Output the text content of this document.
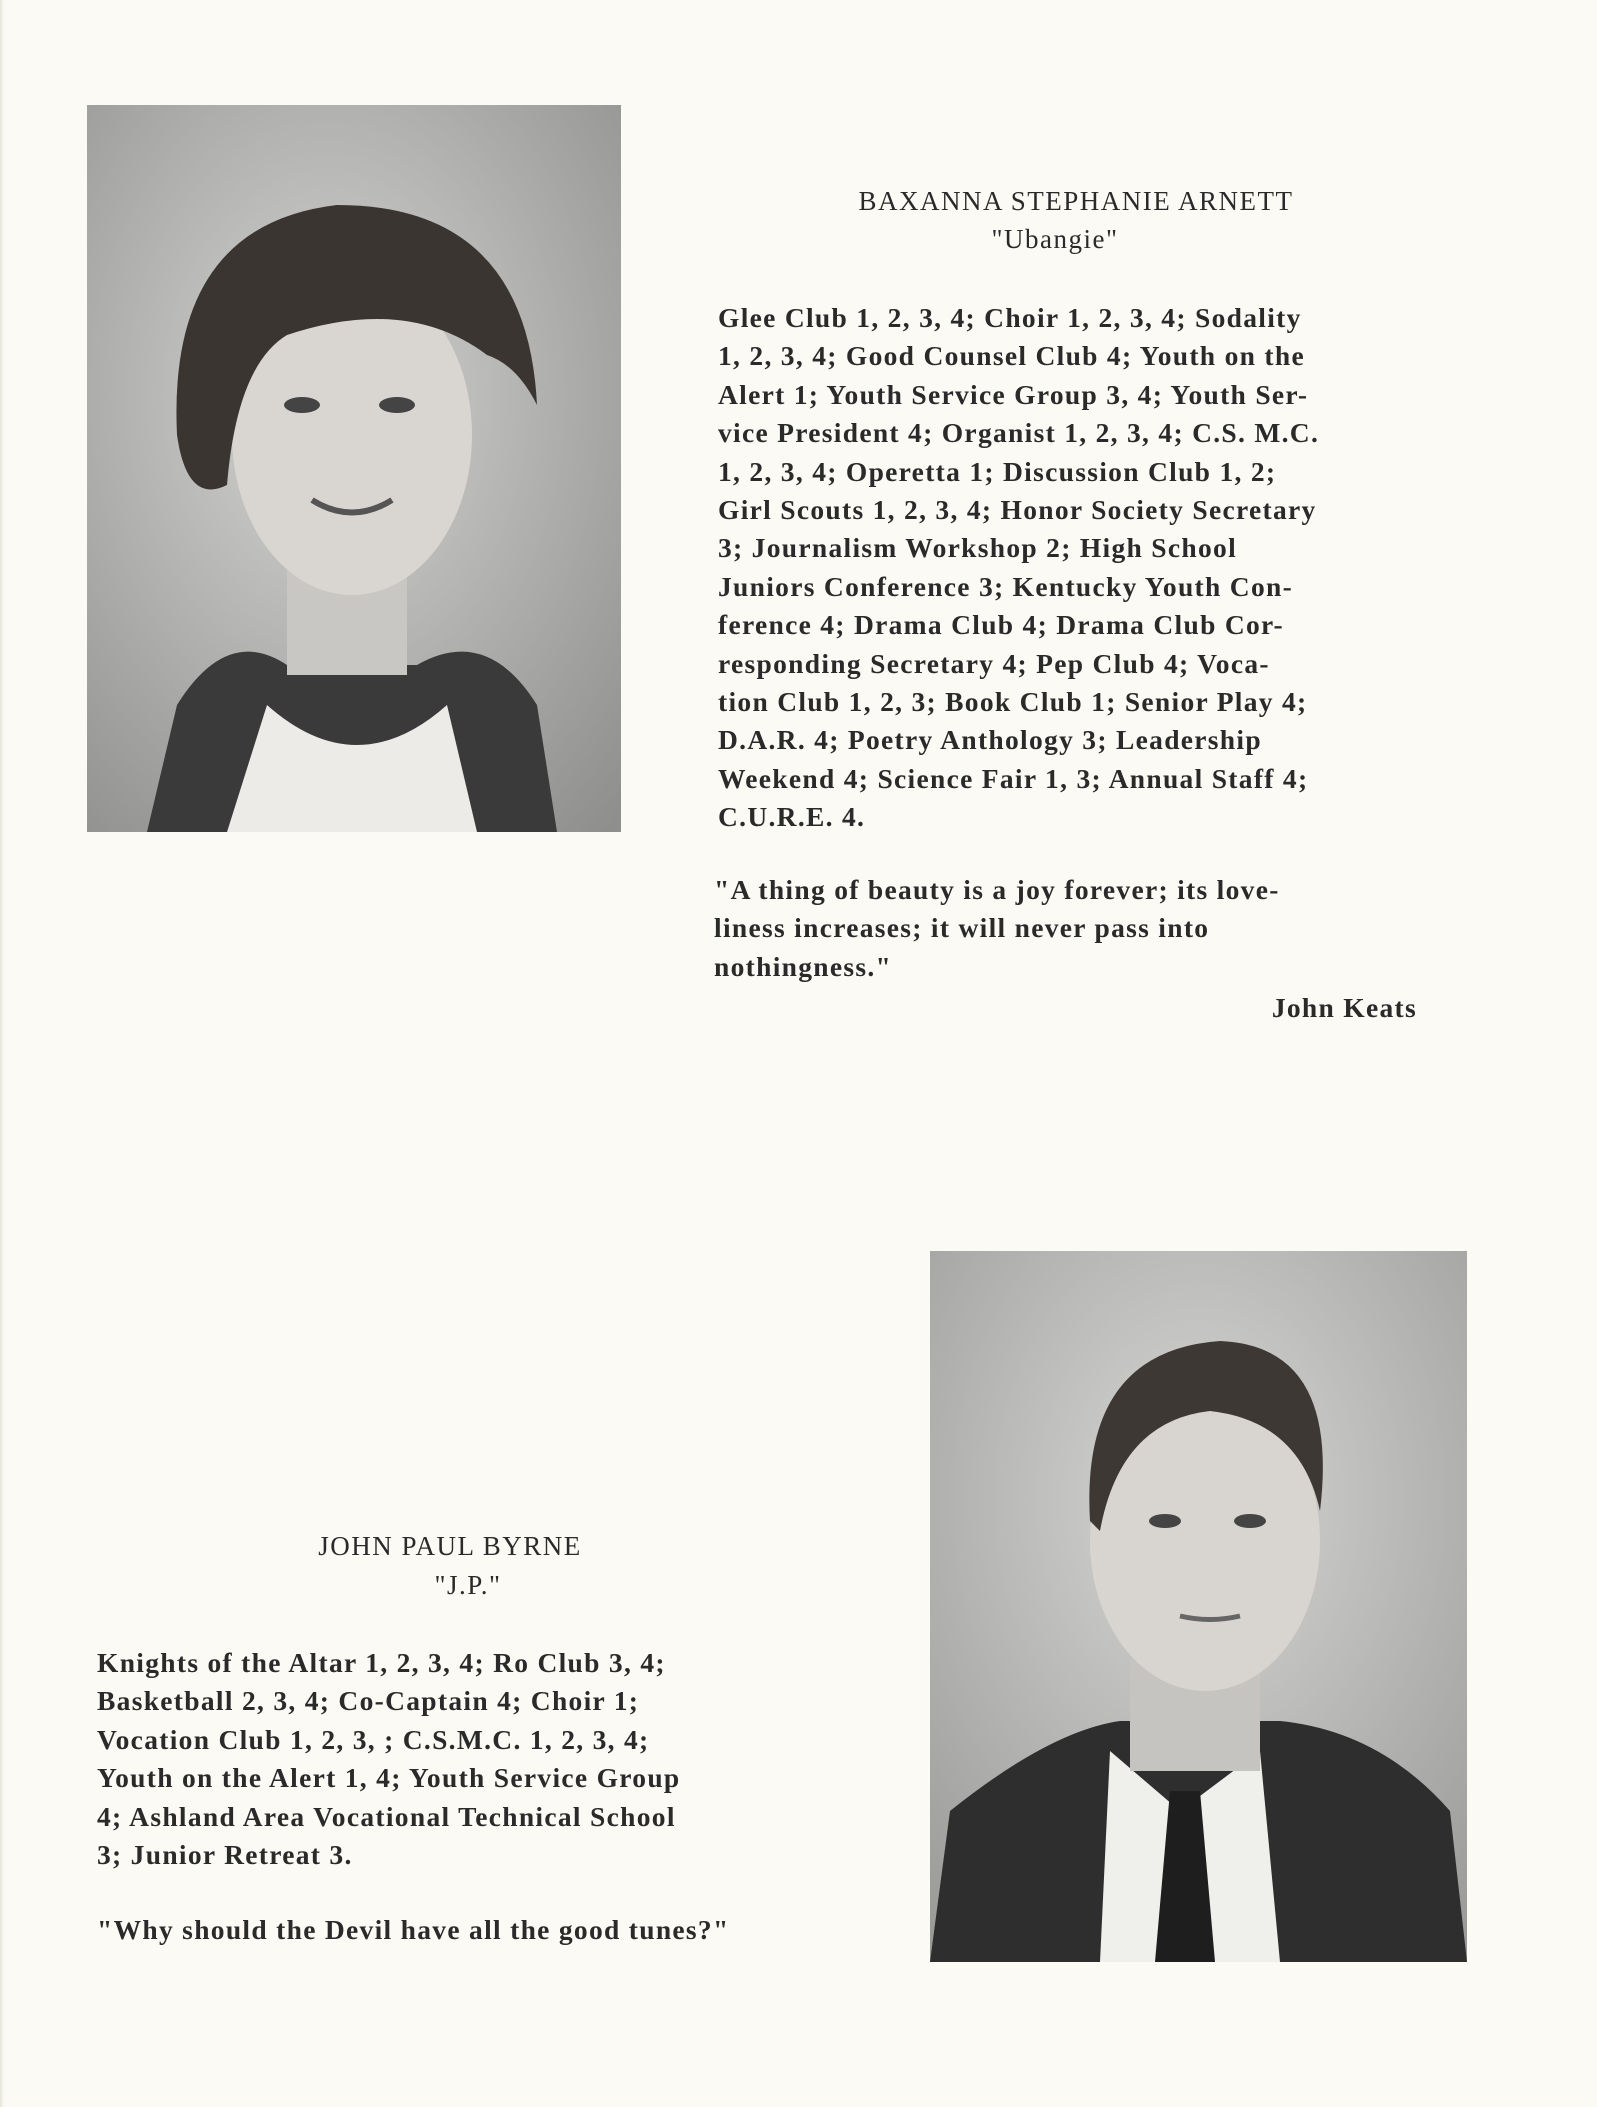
BAXANNA STEPHANIE ARNETT
"Ubangie"
Glee Club 1, 2, 3, 4; Choir 1, 2, 3, 4; Sodality
1, 2, 3, 4; Good Counsel Club 4; Youth on the
Alert 1; Youth Service Group 3, 4; Youth Ser-
vice President 4; Organist 1, 2, 3, 4; C.S. M.C.
1, 2, 3, 4; Operetta 1; Discussion Club 1, 2;
Girl Scouts 1, 2, 3, 4; Honor Society Secretary
3; Journalism Workshop 2; High School
Juniors Conference 3; Kentucky Youth Con-
ference 4; Drama Club 4; Drama Club Cor-
responding Secretary 4; Pep Club 4; Voca-
tion Club 1, 2, 3; Book Club 1; Senior Play 4;
D.A.R. 4; Poetry Anthology 3; Leadership
Weekend 4; Science Fair 1, 3; Annual Staff 4;
C.U.R.E. 4.
"A thing of beauty is a joy forever; its love-
liness increases; it will never pass into
nothingness."
John Keats
JOHN PAUL BYRNE
"J.P."
Knights of the Altar 1, 2, 3, 4; Ro Club 3, 4;
Basketball 2, 3, 4; Co-Captain 4; Choir 1;
Vocation Club 1, 2, 3, ; C.S.M.C. 1, 2, 3, 4;
Youth on the Alert 1, 4; Youth Service Group
4; Ashland Area Vocational Technical School
3; Junior Retreat 3.
"Why should the Devil have all the good tunes?"
